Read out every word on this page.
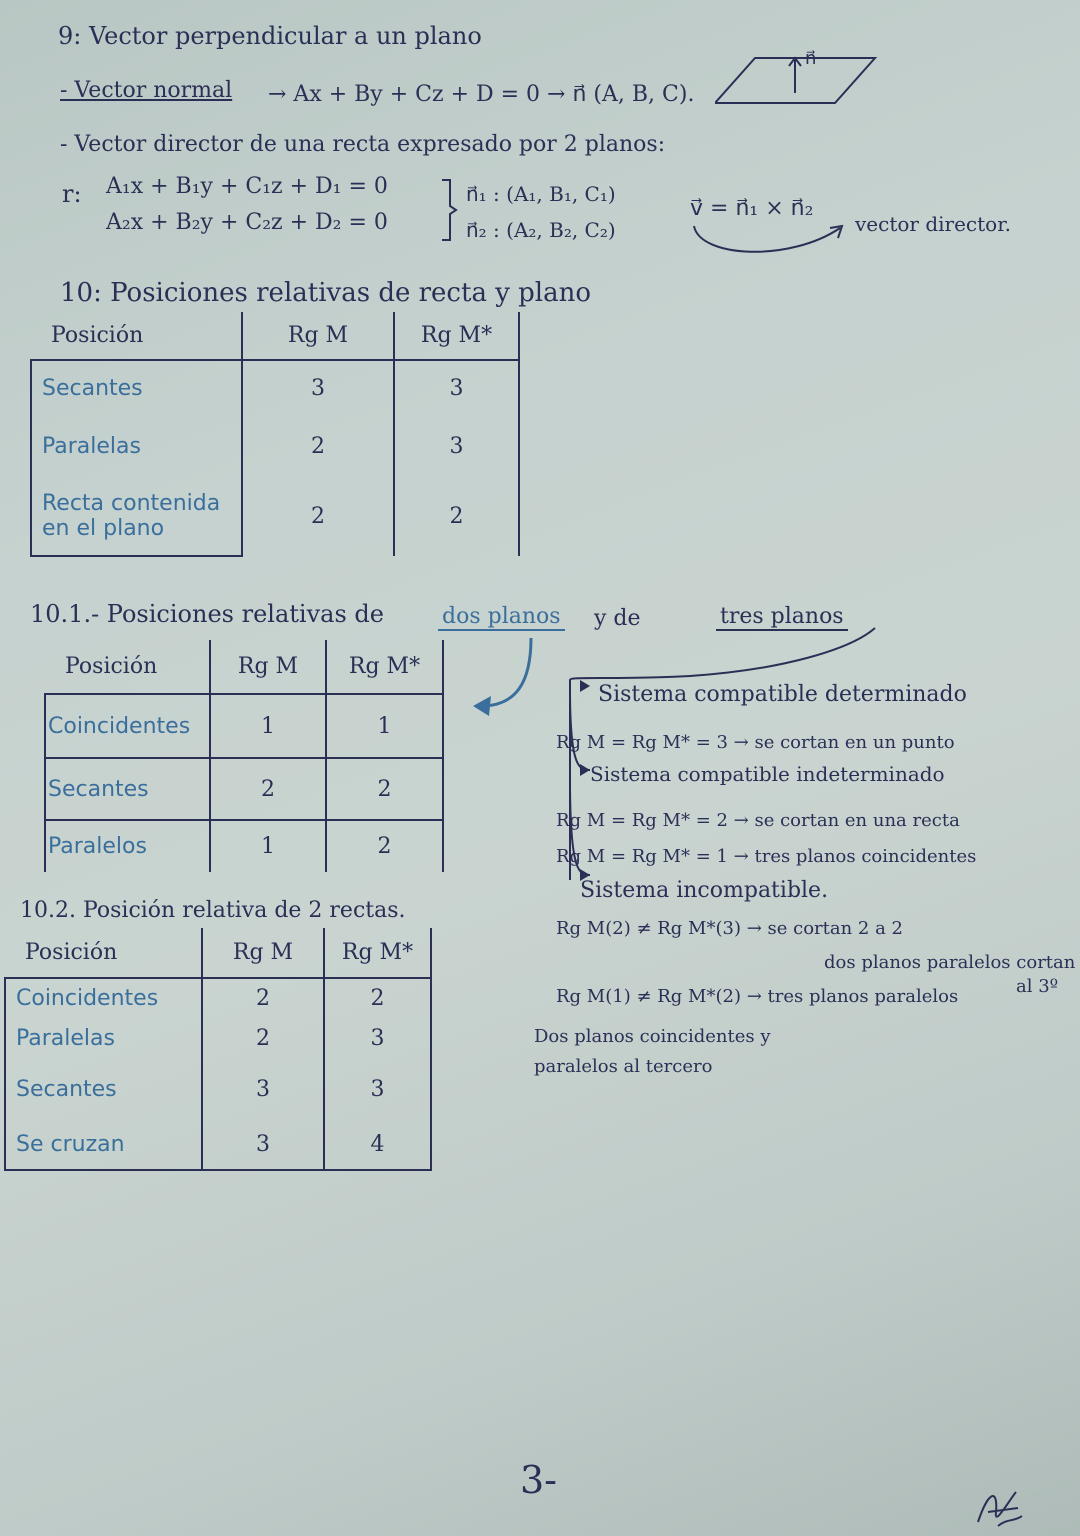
9: Vector perpendicular a un plano
- Vector normal → Ax + By + Cz + D = 0 → n⃗ (A, B, C).
n⃗
- Vector director de una recta expresado por 2 planos:
r: A₁x + B₁y + C₁z + D₁ = 0
A₂x + B₂y + C₂z + D₂ = 0
n⃗₁ : (A₁, B₁, C₁)
n⃗₂ : (A₂, B₂, C₂)
v⃗ = n⃗₁ × n⃗₂
vector director.
10: Posiciones relativas de recta y plano
Posición	Rg M	Rg M*
Secantes	3	3
Paralelas	2	3
Recta contenida en el plano	2	2
10.1.- Posiciones relativas de	dos planos y de	tres planos
Posición	Rg M	Rg M*
Coincidentes	1	1
Secantes	2	2
Paralelos	1	2
Sistema compatible determinado
Rg M = Rg M* = 3 → se cortan en un punto
Sistema compatible indeterminado
Rg M = Rg M* = 2 → se cortan en una recta
Rg M = Rg M* = 1 → tres planos coincidentes
Sistema incompatible.
Rg M(2) ≠ Rg M*(3) → se cortan 2 a 2
dos planos paralelos cortan
al 3º
Rg M(1) ≠ Rg M*(2) → tres planos paralelos
Dos planos coincidentes y
paralelos al tercero
10.2. Posición relativa de 2 rectas.
Posición	Rg M	Rg M*
Coincidentes	2	2
Paralelas	2	3
Secantes	3	3
Se cruzan	3	4
3-
